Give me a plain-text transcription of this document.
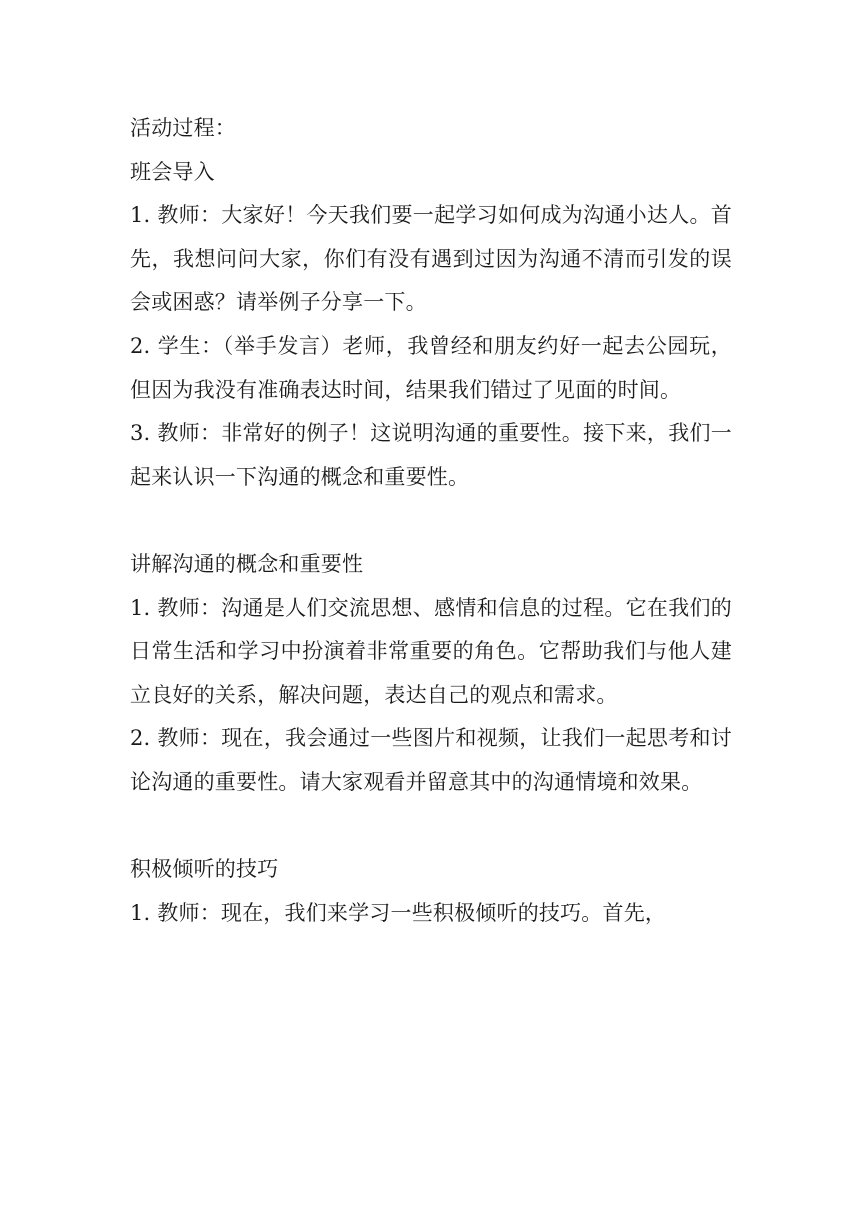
活动过程：
班会导入

1. 教师：大家好！今天我们要一起学习如何成为沟通小达人。首先，我想问问大家，你们有没有遇到过因为沟通不清而引发的误会或困惑？请举例子分享一下。

2. 学生：（举手发言）老师，我曾经和朋友约好一起去公园玩，但因为我没有准确表达时间，结果我们错过了见面的时间。

3. 教师：非常好的例子！这说明沟通的重要性。接下来，我们一起来认识一下沟通的概念和重要性。

讲解沟通的概念和重要性

1. 教师：沟通是人们交流思想、感情和信息的过程。它在我们的日常生活和学习中扮演着非常重要的角色。它帮助我们与他人建立良好的关系，解决问题，表达自己的观点和需求。

2. 教师：现在，我会通过一些图片和视频，让我们一起思考和讨论沟通的重要性。请大家观看并留意其中的沟通情境和效果。

积极倾听的技巧

1. 教师：现在，我们来学习一些积极倾听的技巧。首先，
